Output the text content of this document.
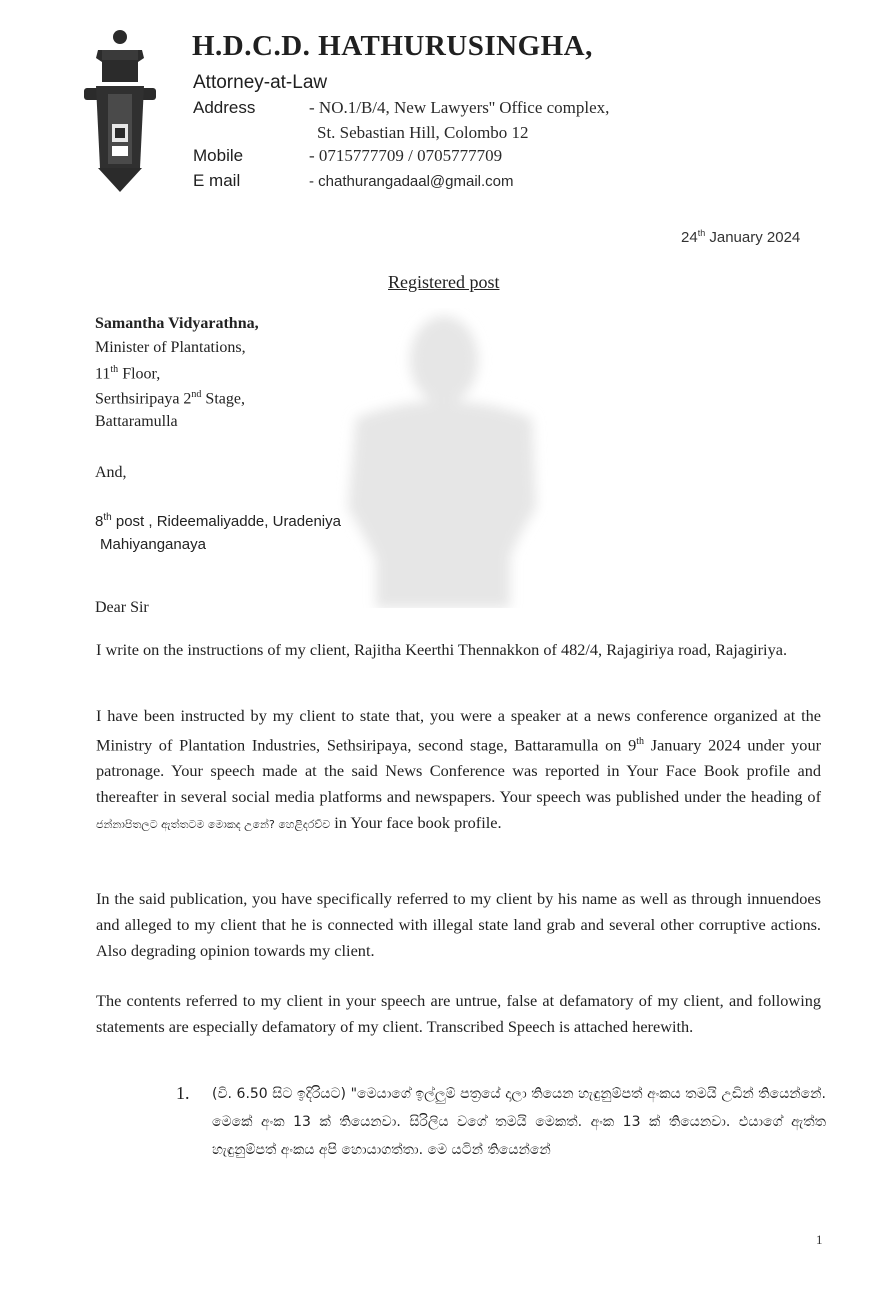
H.D.C.D. HATHURUSINGHA,
Attorney-at-Law
Address	- NO.1/B/4, New Lawyers'' Office complex,
St. Sebastian Hill, Colombo 12
Mobile	- 0715777709 / 0705777709
E mail	- chathurangadaal@gmail.com
24th January 2024
Registered post
Samantha Vidyarathna,
Minister of Plantations,
11th Floor,
Serthsiripaya 2nd Stage,
Battaramulla
And,
8th post , Rideemaliyadde, Uradeniya
Mahiyanganaya
Dear Sir
I write on the instructions of my client, Rajitha Keerthi Thennakkon of 482/4, Rajagiriya road, Rajagiriya.
I have been instructed by my client to state that, you were a speaker at a news conference organized at the Ministry of Plantation Industries, Sethsiripaya, second stage, Battaramulla on 9th January 2024 under your patronage. Your speech made at the said News Conference was reported in Your Face Book profile and thereafter in several social media platforms and newspapers. Your speech was published under the heading of ජන්නාපිතලට ඇත්තටම මොකද උනේ? හෙළිදරව්ව in Your face book profile.
In the said publication, you have specifically referred to my client by his name as well as through innuendoes and alleged to my client that he is connected with illegal state land grab and several other corruptive actions. Also degrading opinion towards my client.
The contents referred to my client in your speech are untrue, false at defamatory of my client, and following statements are especially defamatory of my client. Transcribed Speech is attached herewith.
1. (වි. 6.50 සිට ඉදිරියට) "මෙයාගේ ඉල්ලුම් පත්‍රයේ දාලා තියෙන හැඳුනුම්පත් අංකය තමයි උඩින් තියෙන්නේ. මෙකේ අංක 13 ක් තියෙනවා. සිරිලිය වගේ තමයි මෙකත්. අංක 13 ක් තියෙනවා. එයාගේ ඇත්ත හැඳුනුම්පත් අංකය අපි හොයාගත්තා. මෙ යටින් තියෙන්නේ
1
